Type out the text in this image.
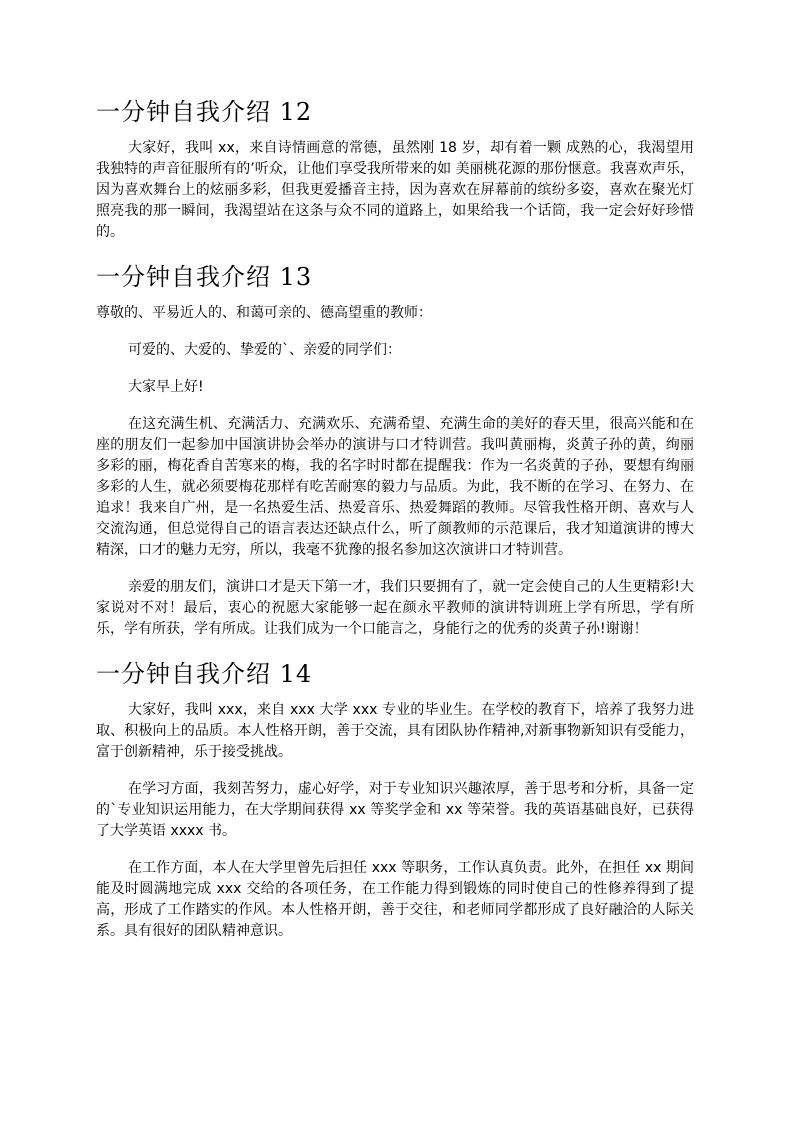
一分钟自我介绍 12

大家好，我叫 xx，来自诗情画意的常德，虽然刚 18 岁，却有着一颗 成熟的心，我渴望用我独特的声音征服所有的’听众，让他们享受我所带来的如 美丽桃花源的那份惬意。我喜欢声乐，因为喜欢舞台上的炫丽多彩，但我更爱播音主持，因为喜欢在屏幕前的缤纷多姿，喜欢在聚光灯照亮我的那一瞬间，我渴望站在这条与众不同的道路上，如果给我一个话筒，我一定会好好珍惜的。

一分钟自我介绍 13

尊敬的、平易近人的、和蔼可亲的、德高望重的教师：

可爱的、大爱的、挚爱的`、亲爱的同学们：

大家早上好!

在这充满生机、充满活力、充满欢乐、充满希望、充满生命的美好的春天里，很高兴能和在座的朋友们一起参加中国演讲协会举办的演讲与口才特训营。我叫黄丽梅，炎黄子孙的黄，绚丽多彩的丽，梅花香自苦寒来的梅，我的名字时时都在提醒我：作为一名炎黄的子孙，要想有绚丽多彩的人生，就必须要梅花那样有吃苦耐寒的毅力与品质。为此，我不断的在学习、在努力、在追求！我来自广州，是一名热爱生活、热爱音乐、热爱舞蹈的教师。尽管我性格开朗、喜欢与人交流沟通，但总觉得自己的语言表达还缺点什么，听了颜教师的示范课后，我才知道演讲的博大精深，口才的魅力无穷，所以，我毫不犹豫的报名参加这次演讲口才特训营。

亲爱的朋友们，演讲口才是天下第一才，我们只要拥有了，就一定会使自己的人生更精彩!大家说对不对！最后，衷心的祝愿大家能够一起在颜永平教师的演讲特训班上学有所思，学有所乐，学有所获，学有所成。让我们成为一个口能言之，身能行之的优秀的炎黄子孙!谢谢！

一分钟自我介绍 14

大家好，我叫 xxx，来自 xxx 大学 xxx 专业的毕业生。在学校的教育下，培养了我努力进取、积极向上的品质。本人性格开朗，善于交流，具有团队协作精神,对新事物新知识有受能力，富于创新精神，乐于接受挑战。

在学习方面，我刻苦努力，虚心好学，对于专业知识兴趣浓厚，善于思考和分析，具备一定的`专业知识运用能力，在大学期间获得 xx 等奖学金和 xx 等荣誉。我的英语基础良好，已获得了大学英语 xxxx 书。

在工作方面，本人在大学里曾先后担任 xxx 等职务，工作认真负责。此外，在担任 xx 期间能及时圆满地完成 xxx 交给的各项任务，在工作能力得到锻炼的同时使自己的性修养得到了提高，形成了工作踏实的作风。本人性格开朗，善于交往，和老师同学都形成了良好融洽的人际关系。具有很好的团队精神意识。
